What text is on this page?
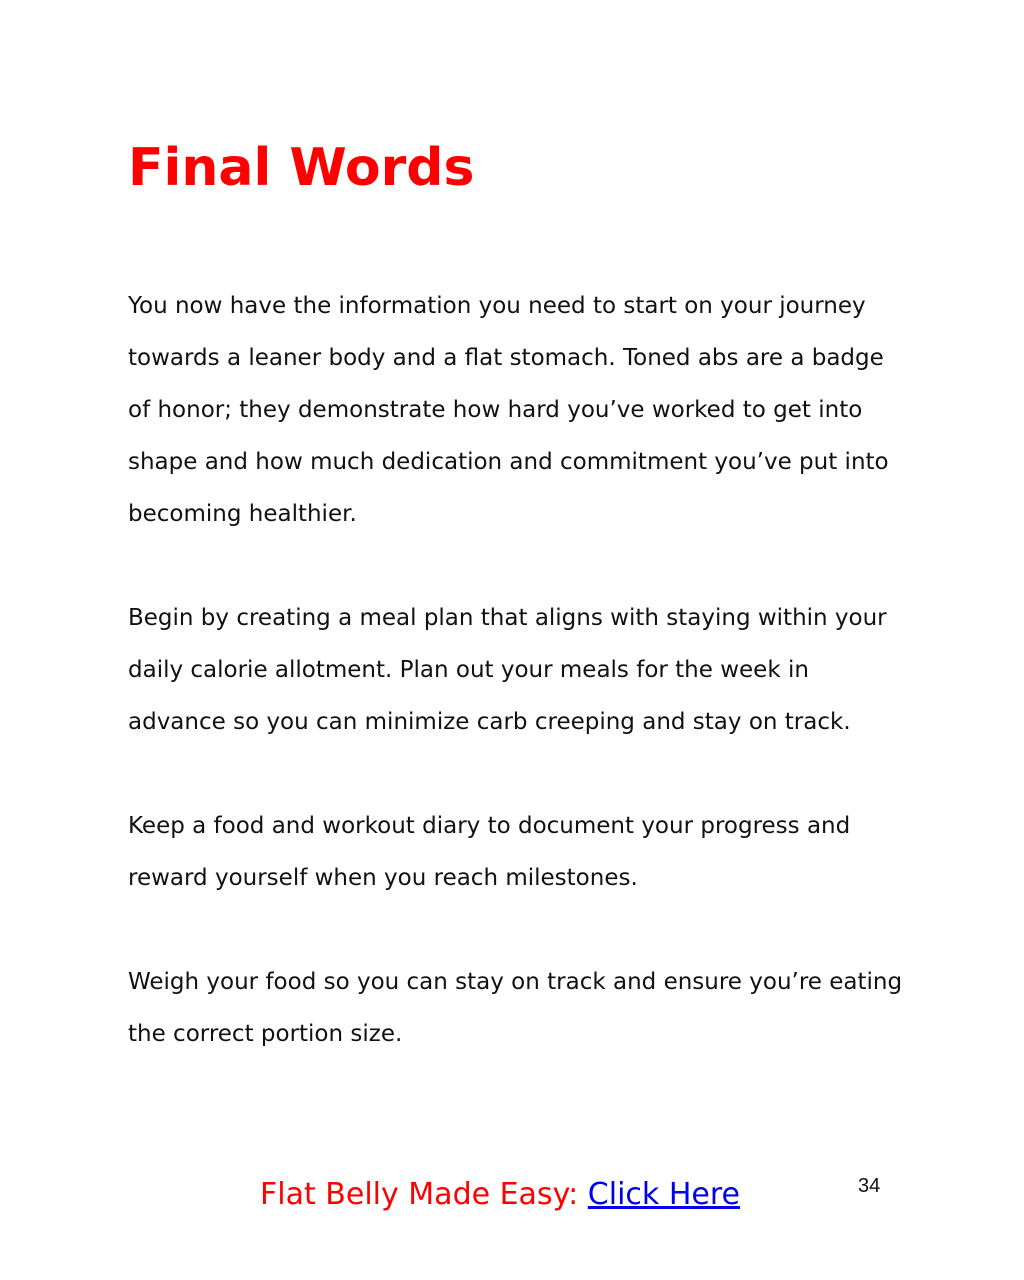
Final Words

You now have the information you need to start on your journey towards a leaner body and a flat stomach. Toned abs are a badge of honor; they demonstrate how hard you’ve worked to get into shape and how much dedication and commitment you’ve put into becoming healthier.

Begin by creating a meal plan that aligns with staying within your daily calorie allotment. Plan out your meals for the week in advance so you can minimize carb creeping and stay on track.

Keep a food and workout diary to document your progress and reward yourself when you reach milestones.

Weigh your food so you can stay on track and ensure you’re eating the correct portion size.

Flat Belly Made Easy: Click Here	34
